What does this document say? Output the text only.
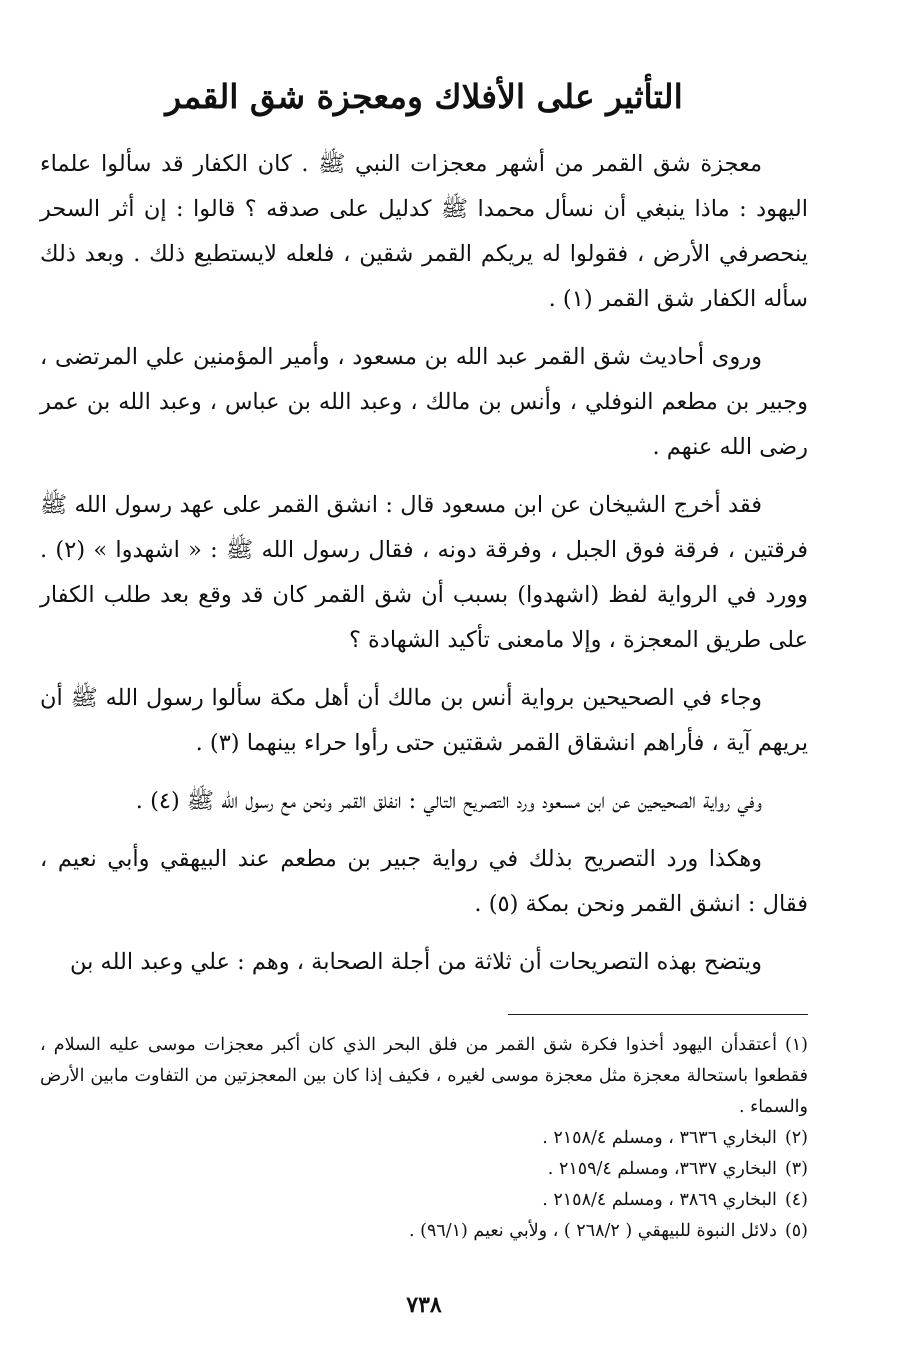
التأثير على الأفلاك ومعجزة شق القمر

معجزة شق القمر من أشهر معجزات النبي ﷺ . كان الكفار قد سألوا علماء اليهود : ماذا ينبغي أن نسأل محمدا ﷺ كدليل على صدقه ؟ قالوا : إن أثر السحر ينحصرفي الأرض ، فقولوا له يريكم القمر شقين ، فلعله لايستطيع ذلك . وبعد ذلك سأله الكفار شق القمر (١) .

وروى أحاديث شق القمر عبد الله بن مسعود ، وأمير المؤمنين علي المرتضى ، وجبير بن مطعم النوفلي ، وأنس بن مالك ، وعبد الله بن عباس ، وعبد الله بن عمر رضى الله عنهم .

فقد أخرج الشيخان عن ابن مسعود قال : انشق القمر على عهد رسول الله ﷺ فرقتين ، فرقة فوق الجبل ، وفرقة دونه ، فقال رسول الله ﷺ : « اشهدوا » (٢) . وورد في الرواية لفظ (اشهدوا) بسبب أن شق القمر كان قد وقع بعد طلب الكفار على طريق المعجزة ، وإلا مامعنى تأكيد الشهادة ؟

وجاء في الصحيحين برواية أنس بن مالك أن أهل مكة سألوا رسول الله ﷺ أن يريهم آية ، فأراهم انشقاق القمر شقتين حتى رأوا حراء بينهما (٣) .

وفي رواية الصحيحين عن ابن مسعود ورد التصريح التالي : انفلق القمر ونحن مع رسول الله ﷺ (٤) .

وهكذا ورد التصريح بذلك في رواية جبير بن مطعم عند البيهقي وأبي نعيم ، فقال : انشق القمر ونحن بمكة (٥) .

ويتضح بهذه التصريحات أن ثلاثة من أجلة الصحابة ، وهم : علي وعبد الله بن

(١)أعتقدأن اليهود أخذوا فكرة شق القمر من فلق البحر الذي كان أكبر معجزات موسى عليه السلام ، فقطعوا باستحالة معجزة مثل معجزة موسى لغيره ، فكيف إذا كان بين المعجزتين من التفاوت مابين الأرض والسماء .

(٢)البخاري ٣٦٣٦ ، ومسلم ٢١٥٨/٤ .

(٣)البخاري ٣٦٣٧، ومسلم ٢١٥٩/٤ .

(٤)البخاري ٣٨٦٩ ، ومسلم ٢١٥٨/٤ .

(٥)دلائل النبوة للبيهقي ( ٢٦٨/٢ ) ، ولأبي نعيم (٩٦/١) .

٧٣٨
